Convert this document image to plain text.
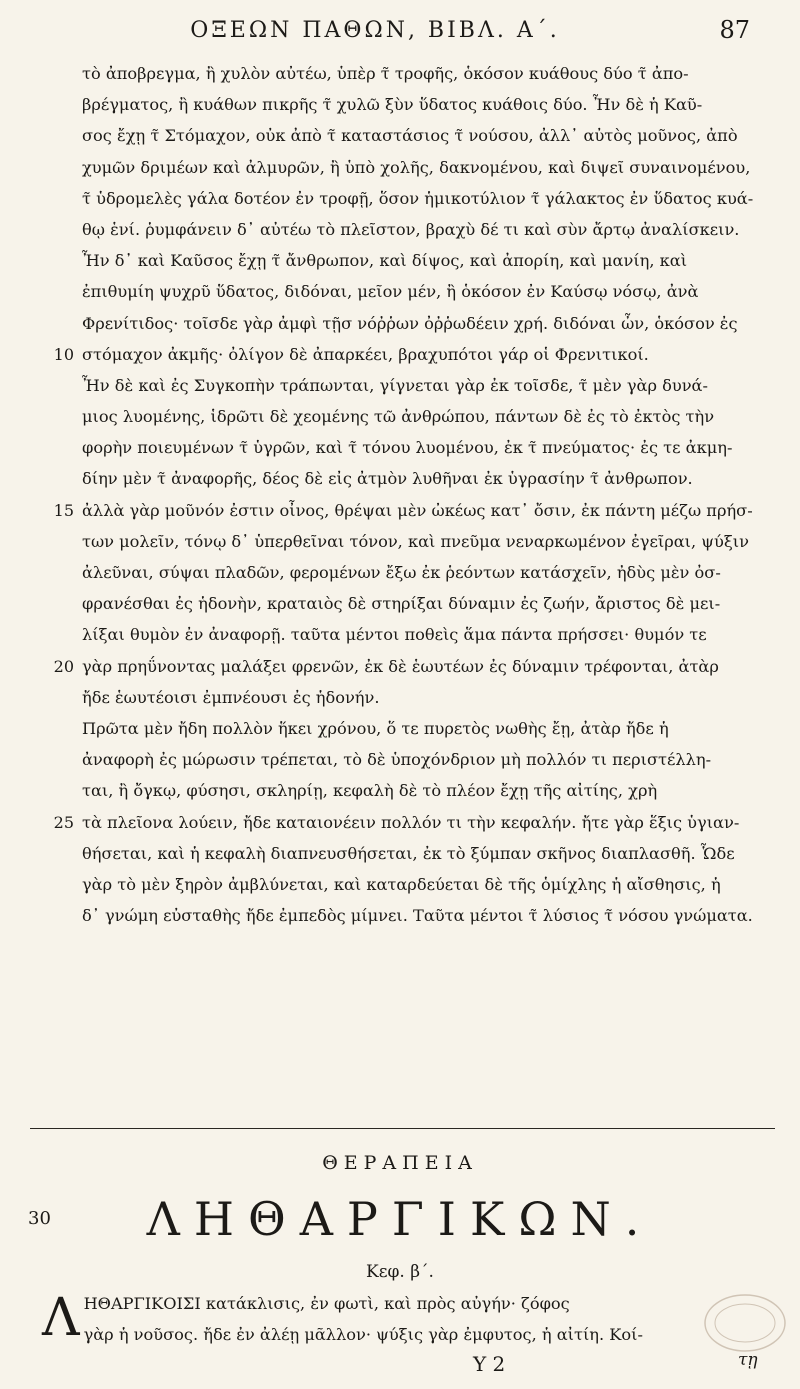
ΟΞΕΩΝ ΠΑΘΩΝ, ΒΙΒΛ. Α΄.	87
τὸ ἀποβρεγμα, ἢ χυλὸν αὐτέω, ὑπὲρ τ̃ τροφῆς, ὁκόσον κυάθους δύο τ̃ ἀπο-
βρέγματος, ἢ κυάθων πικρῆς τ̃ χυλῶ ξὺν ὕδατος κυάθοις δύο. Ἦν δὲ ἡ Καῦ-
σος ἔχῃ τ̃ Στόμαχον, οὐκ ἀπὸ τ̃ καταστάσιος τ̃ νούσου, ἀλλ᾽ αὐτὸς μοῦνος, ἀπὸ
χυμῶν δριμέων καὶ ἀλμυρῶν, ἢ ὑπὸ χολῆς, δακνομένου, καὶ διψεῖ συναινομένου,
τ̃ ὑδρομελὲς γάλα δοτέον ἐν τροφῇ, ὅσον ἡμικοτύλιον τ̃ γάλακτος ἐν ὕδατος κυά-
θῳ ἑνί. ῥυμφάνειν δ᾽ αὐτέω τὸ πλεῖστον, βραχὺ δέ τι καὶ σὺν ἄρτῳ ἀναλίσκειν.
Ἦν δ᾽ καὶ Καῦσος ἔχῃ τ̃ ἄνθρωπον, καὶ δίψος, καὶ ἀπορίη, καὶ μανίη, καὶ
ἐπιθυμίη ψυχρῦ ὕδατος, διδόναι, μεῖον μέν, ἢ ὁκόσον ἐν Καύσῳ νόσῳ, ἀνὰ
Φρενίτιδος· τοῖσδε γὰρ ἀμφὶ τῇσ νόῤῥων ὀῤῥωδέειν χρή. διδόναι ὦν, ὁκόσον ἐς
10 στόμαχον ἀκμῆς· ὀλίγον δὲ ἀπαρκέει, βραχυπότοι γάρ οἱ Φρενιτικοί.
Ἦν δὲ καὶ ἐς Συγκοπὴν τράπωνται, γίγνεται γὰρ ἐκ τοῖσδε, τ̃ μὲν γὰρ δυνά-
μιος λυομένης, ἱδρῶτι δὲ χεομένης τῶ ἀνθρώπου, πάντων δὲ ἐς τὸ ἐκτὸς τὴν
φορὴν ποιευμένων τ̃ ὑγρῶν, καὶ τ̃ τόνου λυομένου, ἐκ τ̃ πνεύματος· ἐς τε ἀκμη-
δίην μὲν τ̃ ἀναφορῆς, δέος δὲ εἰς ἀτμὸν λυθῆναι ἐκ ὑγρασίην τ̃ ἀνθρωπον.
15 ἀλλὰ γὰρ μοῦνόν ἐστιν οἶνος, θρέψαι μὲν ὠκέως κατ᾽ ὄσιν, ἐκ πάντη μέζω πρήσ-
των μολεῖν, τόνῳ δ᾽ ὑπερθεῖναι τόνον, καὶ πνεῦμα νεναρκωμένον ἐγεῖραι, ψύξιν
ἀλεῦναι, σύψαι πλαδῶν, φερομένων ἔξω ἐκ ῥεόντων κατάσχεῖν, ἠδὺς μὲν ὀσ-
φρανέσθαι ἐς ἡδονὴν, κραταιὸς δὲ στηρίξαι δύναμιν ἐς ζωήν, ἄριστος δὲ μει-
λίξαι θυμὸν ἐν ἀναφορῇ. ταῦτα μέντοι ποθεὶς ἅμα πάντα πρήσσει· θυμόν τε
20 γὰρ πρηΰνοντας μαλάξει φρενῶν, ἐκ δὲ ἑωυτέων ἐς δύναμιν τρέφονται, ἀτὰρ
ἤδε ἑωυτέοισι ἐμπνέουσι ἐς ἡδονήν.
Πρῶτα μὲν ἤδη πολλὸν ἥκει χρόνου, ὅ τε πυρετὸς νωθὴς ἔῃ, ἀτὰρ ἤδε ἡ
ἀναφορὴ ἐς μώρωσιν τρέπεται, τὸ δὲ ὑποχόνδριον μὴ πολλόν τι περιστέλλη-
ται, ἢ ὄγκῳ, φύσησι, σκληρίῃ, κεφαλὴ δὲ τὸ πλέον ἔχῃ τῆς αἰτίης, χρὴ
25 τὰ πλεῖονα λούειν, ἤδε καταιονέειν πολλόν τι τὴν κεφαλήν. ἤτε γὰρ ἕξις ὑγιαν-
θήσεται, καὶ ἡ κεφαλὴ διαπνευσθήσεται, ἐκ τὸ ξύμπαν σκῆνος διαπλασθῆ. Ὧδε
γὰρ τὸ μὲν ξηρὸν ἀμβλύνεται, καὶ καταρδεύεται δὲ τῆς ὁμίχλης ἡ αἴσθησις, ἡ
δ᾽ γνώμη εὐσταθὴς ἤδε ἐμπεδὸς μίμνει. Ταῦτα μέντοι τ̃ λύσιος τ̃ νόσου γνώματα.
ΘΕΡΑΠΕΙΑ
30	ΛΗΘΑΡΓΙΚΩΝ.
Κεφ. β΄.
Λ ΗΘΑΡΓΙΚΟΙΣΙ κατάκλισις, ἐν φωτὶ, καὶ πρὸς αὐγήν· ζόφος
γὰρ ἡ νοῦσος. ἤδε ἐν ἀλέῃ μᾶλλον· ψύξις γὰρ ἐμφυτος, ἡ αἰτίη. Κοί-
Υ 2	τῃ
